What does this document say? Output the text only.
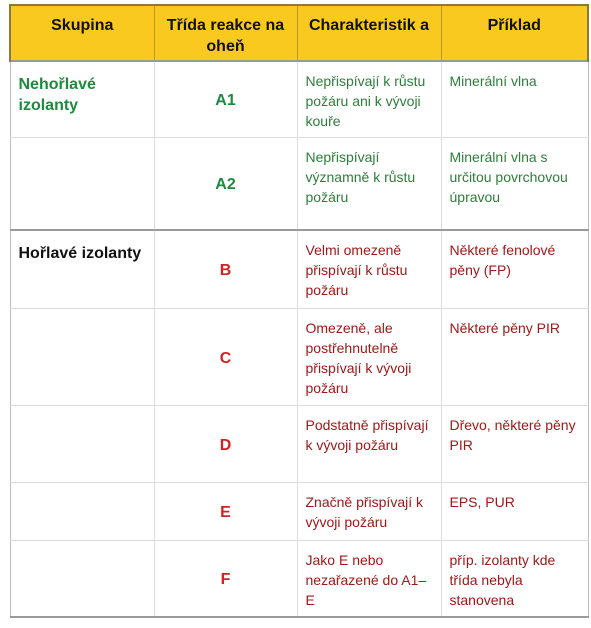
Skupina	Třída reakce na oheň	Charakteristik a	Příklad
Nehořlavé izolanty	A1	Nepřispívají k růstu požáru ani k vývoji kouře	Minerální vlna
	A2	Nepřispívají významně k růstu požáru	Minerální vlna s určitou povrchovou úpravou
Hořlavé izolanty	B	Velmi omezeně přispívají k růstu požáru	Některé fenolové pěny (FP)
	C	Omezeně, ale postřehnutelně přispívají k vývoji požáru	Některé pěny PIR
	D	Podstatně přispívají k vývoji požáru	Dřevo, některé pěny PIR
	E	Značně přispívají k vývoji požáru	EPS, PUR
	F	Jako E nebo nezařazené do A1–E	příp. izolanty kde třída nebyla stanovena
